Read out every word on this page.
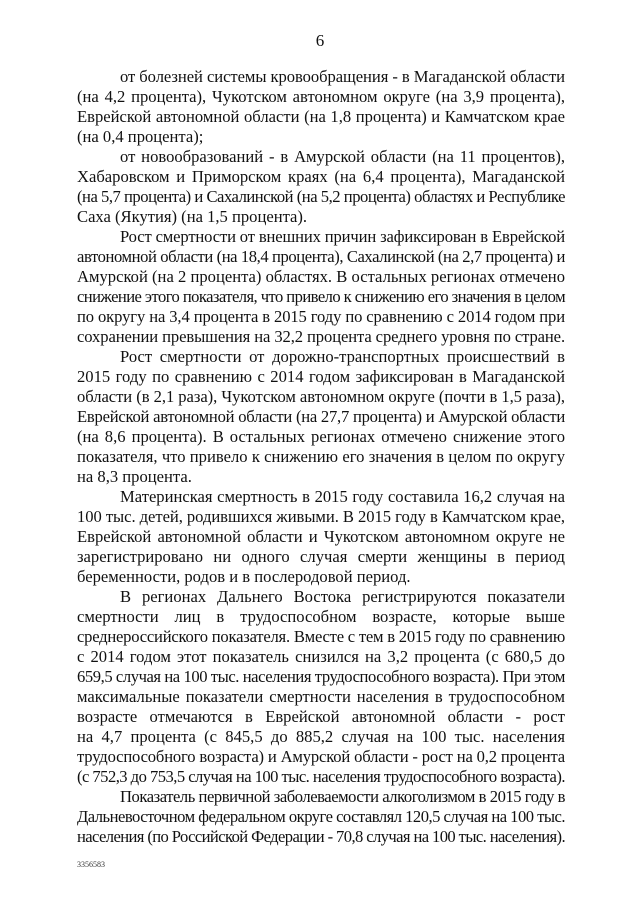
6
от болезней системы кровообращения - в Магаданской области
(на 4,2 процента), Чукотском автономном округе (на 3,9 процента),
Еврейской автономной области (на 1,8 процента) и Камчатском крае
(на 0,4 процента);
от новообразований - в Амурской области (на 11 процентов),
Хабаровском и Приморском краях (на 6,4 процента), Магаданской
(на 5,7 процента) и Сахалинской (на 5,2 процента) областях и Республике
Саха (Якутия) (на 1,5 процента).
Рост смертности от внешних причин зафиксирован в Еврейской
автономной области (на 18,4 процента), Сахалинской (на 2,7 процента) и
Амурской (на 2 процента) областях. В остальных регионах отмечено
снижение этого показателя, что привело к снижению его значения в целом
по округу на 3,4 процента в 2015 году по сравнению с 2014 годом при
сохранении превышения на 32,2 процента среднего уровня по стране.
Рост смертности от дорожно-транспортных происшествий в
2015 году по сравнению с 2014 годом зафиксирован в Магаданской
области (в 2,1 раза), Чукотском автономном округе (почти в 1,5 раза),
Еврейской автономной области (на 27,7 процента) и Амурской области
(на 8,6 процента). В остальных регионах отмечено снижение этого
показателя, что привело к снижению его значения в целом по округу
на 8,3 процента.
Материнская смертность в 2015 году составила 16,2 случая на
100 тыс. детей, родившихся живыми. В 2015 году в Камчатском крае,
Еврейской автономной области и Чукотском автономном округе не
зарегистрировано ни одного случая смерти женщины в период
беременности, родов и в послеродовой период.
В регионах Дальнего Востока регистрируются показатели
смертности лиц в трудоспособном возрасте, которые выше
среднероссийского показателя. Вместе с тем в 2015 году по сравнению
с 2014 годом этот показатель снизился на 3,2 процента (с 680,5 до
659,5 случая на 100 тыс. населения трудоспособного возраста). При этом
максимальные показатели смертности населения в трудоспособном
возрасте отмечаются в Еврейской автономной области - рост
на 4,7 процента (с 845,5 до 885,2 случая на 100 тыс. населения
трудоспособного возраста) и Амурской области - рост на 0,2 процента
(с 752,3 до 753,5 случая на 100 тыс. населения трудоспособного возраста).
Показатель первичной заболеваемости алкоголизмом в 2015 году в
Дальневосточном федеральном округе составлял 120,5 случая на 100 тыс.
населения (по Российской Федерации - 70,8 случая на 100 тыс. населения).
3356583
